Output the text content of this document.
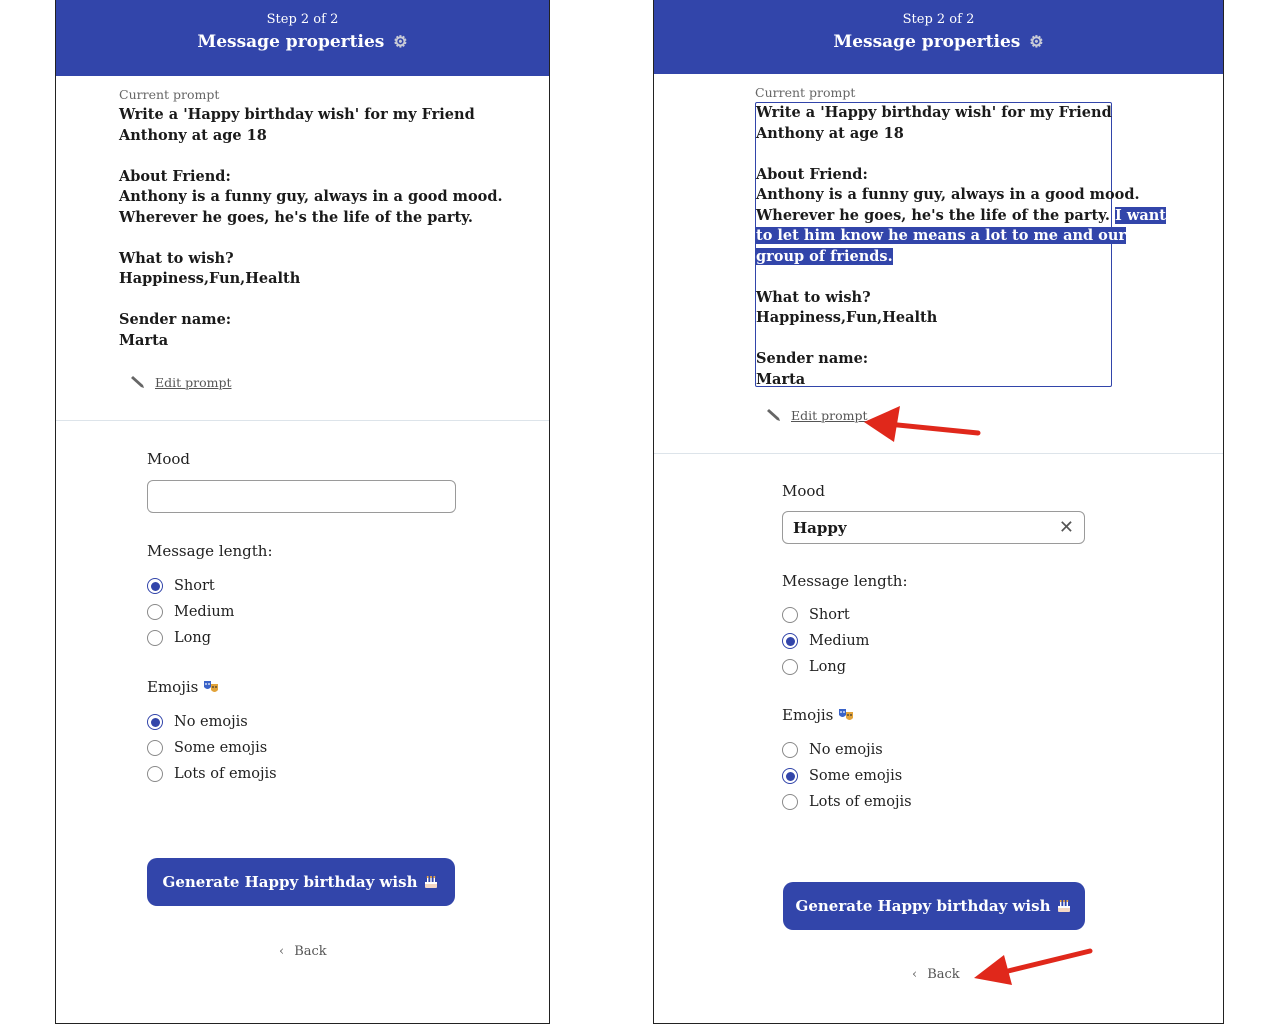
Step 2 of 2
Message properties ⚙
Current prompt
Write a 'Happy birthday wish' for my Friend
Anthony at age 18
About Friend:
Anthony is a funny guy, always in a good mood.
Wherever he goes, he's the life of the party.
What to wish?
Happiness,Fun,Health
Sender name:
Marta
Edit prompt
Mood
Message length:
Short
Medium
Long
Emojis
No emojis
Some emojis
Lots of emojis
Generate Happy birthday wish
‹ Back
Step 2 of 2
Message properties ⚙
Current prompt
Write a 'Happy birthday wish' for my Friend
Anthony at age 18
About Friend:
Anthony is a funny guy, always in a good mood.
Wherever he goes, he's the life of the party. I want
to let him know he means a lot to me and our
group of friends.
What to wish?
Happiness,Fun,Health
Sender name:
Marta
Edit prompt
Mood
Happy	✕
Message length:
Short
Medium
Long
Emojis
No emojis
Some emojis
Lots of emojis
Generate Happy birthday wish
‹ Back
